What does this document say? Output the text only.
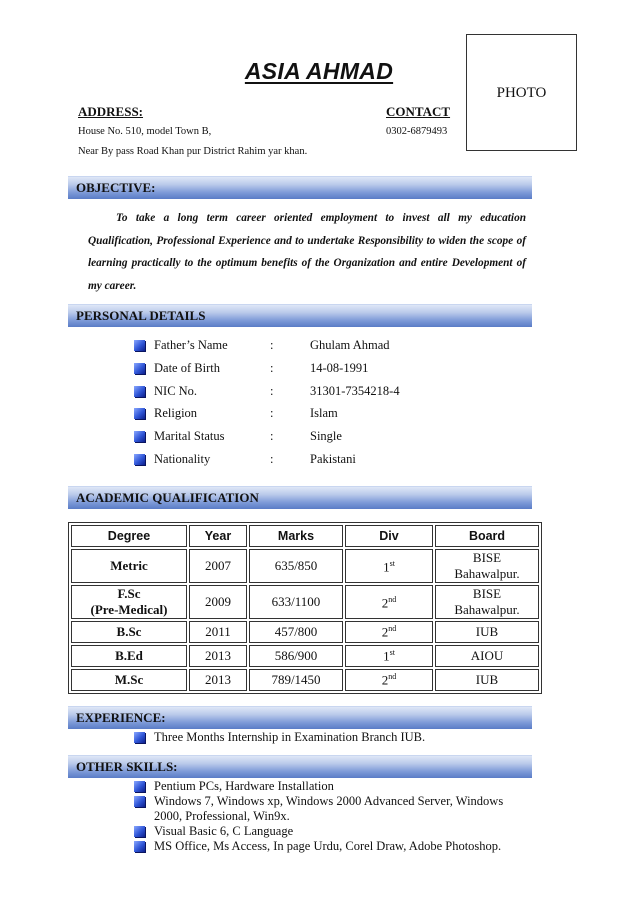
ASIA AHMAD
PHOTO
ADDRESS:
House No. 510, model Town B,
Near By pass Road Khan pur District Rahim yar khan.
CONTACT
0302-6879493
OBJECTIVE:
To take a long term career oriented employment to invest all my education Qualification, Professional Experience and to undertake Responsibility to widen the scope of learning practically to the optimum benefits of the Organization and entire Development of my career.
PERSONAL DETAILS
Father’s Name	:	Ghulam Ahmad
Date of Birth	:	14-08-1991
NIC No.	:	31301-7354218-4
Religion	:	Islam
Marital Status	:	Single
Nationality	:	Pakistani
ACADEMIC QUALIFICATION
Degree	Year	Marks	Div	Board
Metric	2007	635/850	1st	BISE
Bahawalpur.
F.Sc
(Pre-Medical)	2009	633/1100	2nd	BISE
Bahawalpur.
B.Sc	2011	457/800	2nd	IUB
B.Ed	2013	586/900	1st	AIOU
M.Sc	2013	789/1450	2nd	IUB
EXPERIENCE:
Three Months Internship in Examination Branch IUB.
OTHER SKILLS:
Pentium PCs, Hardware Installation
Windows 7, Windows xp, Windows 2000 Advanced Server, Windows 2000, Professional, Win9x.
Visual Basic 6, C Language
MS Office, Ms Access, In page Urdu, Corel Draw, Adobe Photoshop.
